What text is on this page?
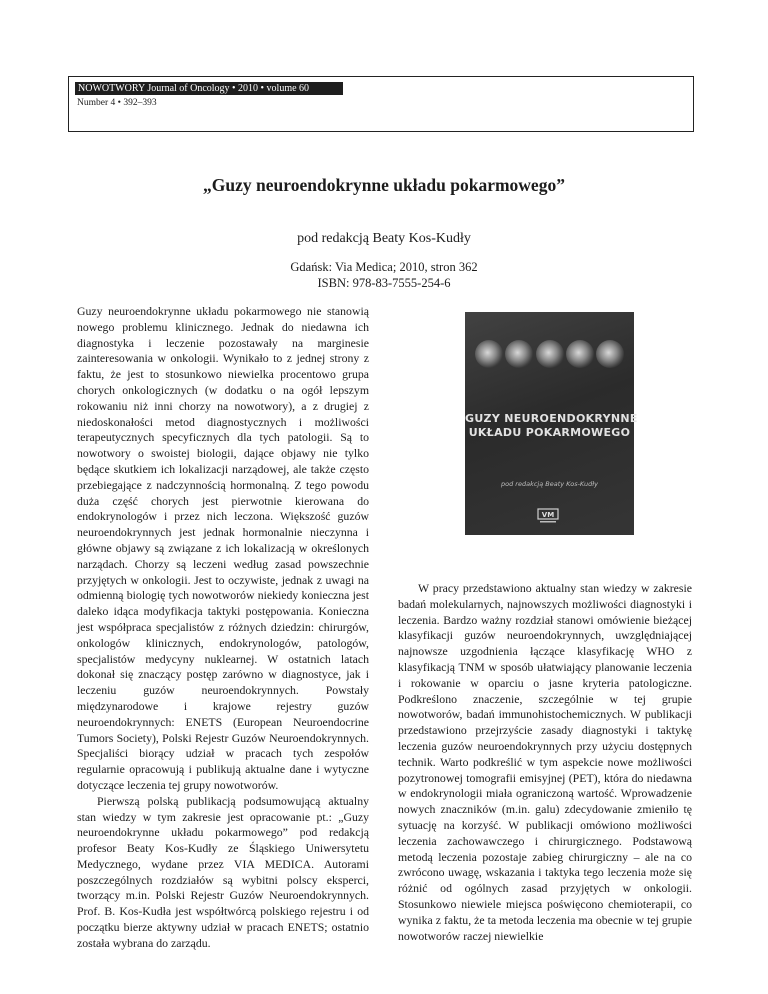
NOWOTWORY Journal of Oncology • 2010 • volume 60
Number 4 • 392–393
„Guzy neuroendokrynne układu pokarmowego”
pod redakcją Beaty Kos-Kudły
Gdańsk: Via Medica; 2010, stron 362
ISBN: 978-83-7555-254-6

Guzy neuroendokrynne układu pokarmowego nie stanowią nowego problemu klinicznego. Jednak do niedawna ich diagnostyka i leczenie pozostawały na marginesie zainteresowania w onkologii. Wynikało to z jednej strony z faktu, że jest to stosunkowo niewielka procentowo grupa chorych onkologicznych (w dodatku o na ogół lepszym rokowaniu niż inni chorzy na nowotwory), a z drugiej z niedoskonałości metod diagnostycznych i możliwości terapeutycznych specyficznych dla tych patologii. Są to nowotwory o swoistej biologii, dające objawy nie tylko będące skutkiem ich lokalizacji narządowej, ale także często przebiegające z nadczynnością hormonalną. Z tego powodu duża część chorych jest pierwotnie kierowana do endokrynologów i przez nich leczona. Większość guzów neuroendokrynnych jest jednak hormonalnie nieczynna i główne objawy są związane z ich lokalizacją w określonych narządach. Chorzy są leczeni według zasad powszechnie przyjętych w onkologii. Jest to oczywiste, jednak z uwagi na odmienną biologię tych nowotworów niekiedy konieczna jest daleko idąca modyfikacja taktyki postępowania. Konieczna jest współpraca specjalistów z różnych dziedzin: chirurgów, onkologów klinicznych, endokrynologów, patologów, specjalistów medycyny nuklearnej. W ostatnich latach dokonał się znaczący postęp zarówno w diagnostyce, jak i leczeniu guzów neuroendokrynnych. Powstały międzynarodowe i krajowe rejestry guzów neuroendokrynnych: ENETS (European Neuroendocrine Tumors Society), Polski Rejestr Guzów Neuroendokrynnych. Specjaliści biorący udział w pracach tych zespołów regularnie opracowują i publikują aktualne dane i wytyczne dotyczące leczenia tej grupy nowotworów.

Pierwszą polską publikacją podsumowującą aktualny stan wiedzy w tym zakresie jest opracowanie pt.: „Guzy neuroendokrynne układu pokarmowego” pod redakcją profesor Beaty Kos-Kudły ze Śląskiego Uniwersytetu Medycznego, wydane przez VIA MEDICA. Autorami poszczególnych rozdziałów są wybitni polscy eksperci, tworzący m.in. Polski Rejestr Guzów Neuroendokrynnych. Prof. B. Kos-Kudła jest współtwórcą polskiego rejestru i od początku bierze aktywny udział w pracach ENETS; ostatnio została wybrana do zarządu.

GUZY NEUROENDOKRYNNE
UKŁADU POKARMOWEGO
pod redakcją Beaty Kos-Kudły
VM

W pracy przedstawiono aktualny stan wiedzy w zakresie badań molekularnych, najnowszych możliwości diagnostyki i leczenia. Bardzo ważny rozdział stanowi omówienie bieżącej klasyfikacji guzów neuroendokrynnych, uwzględniającej najnowsze uzgodnienia łączące klasyfikację WHO z klasyfikacją TNM w sposób ułatwiający planowanie leczenia i rokowanie w oparciu o jasne kryteria patologiczne. Podkreślono znaczenie, szczególnie w tej grupie nowotworów, badań immunohistochemicznych. W publikacji przedstawiono przejrzyście zasady diagnostyki i taktykę leczenia guzów neuroendokrynnych przy użyciu dostępnych technik. Warto podkreślić w tym aspekcie nowe możliwości pozytronowej tomografii emisyjnej (PET), która do niedawna w endokrynologii miała ograniczoną wartość. Wprowadzenie nowych znaczników (m.in. galu) zdecydowanie zmieniło tę sytuację na korzyść. W publikacji omówiono możliwości leczenia zachowawczego i chirurgicznego. Podstawową metodą leczenia pozostaje zabieg chirurgiczny – ale na co zwrócono uwagę, wskazania i taktyka tego leczenia może się różnić od ogólnych zasad przyjętych w onkologii. Stosunkowo niewiele miejsca poświęcono chemioterapii, co wynika z faktu, że ta metoda leczenia ma obecnie w tej grupie nowotworów raczej niewielkie
